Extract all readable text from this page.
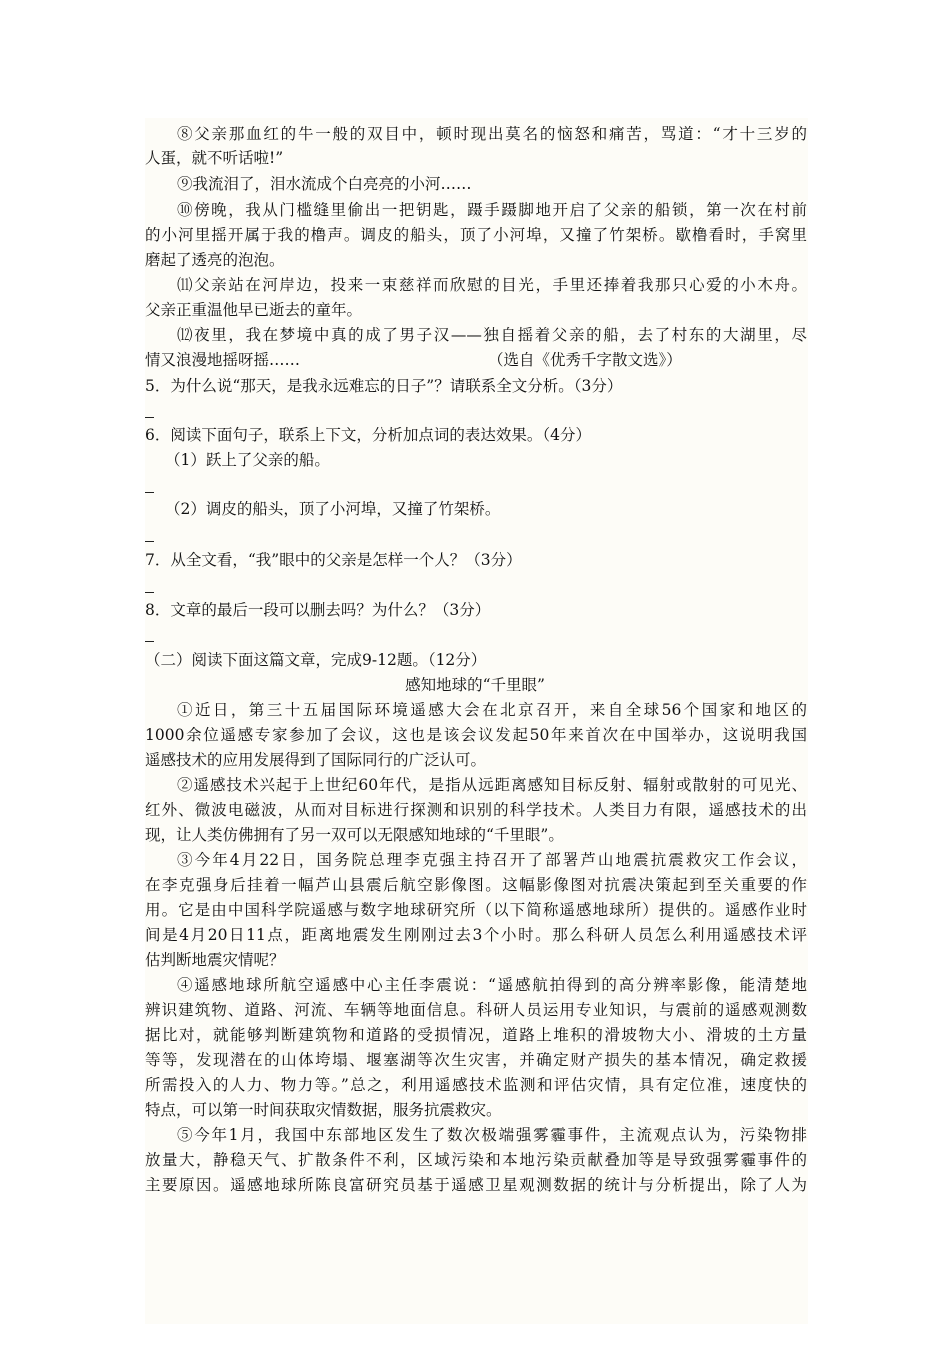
⑧父亲那血红的牛一般的双目中，顿时现出莫名的恼怒和痛苦，骂道：“才十三岁的
人蛋，就不听话啦!”
⑨我流泪了，泪水流成个白亮亮的小河……
⑩傍晚，我从门槛缝里偷出一把钥匙，蹑手蹑脚地开启了父亲的船锁，第一次在村前
的小河里摇开属于我的橹声。调皮的船头，顶了小河埠，又撞了竹架桥。歇橹看时，手窝里
磨起了透亮的泡泡。
⑾父亲站在河岸边，投来一束慈祥而欣慰的目光，手里还捧着我那只心爱的小木舟。
父亲正重温他早已逝去的童年。
⑿夜里，我在梦境中真的成了男子汉——独自摇着父亲的船，去了村东的大湖里，尽
情又浪漫地摇呀摇……	（选自《优秀千字散文选》）
5．为什么说“那天，是我永远难忘的日子”？请联系全文分析。（3分）
6．阅读下面句子，联系上下文，分析加点词的表达效果。（4分）
（1）跃上了父亲的船。
（2）调皮的船头，顶了小河埠，又撞了竹架桥。
7．从全文看，“我”眼中的父亲是怎样一个人？（3分）
8．文章的最后一段可以删去吗？为什么？（3分）
（二）阅读下面这篇文章，完成9-12题。（12分）
感知地球的“千里眼”
①近日，第三十五届国际环境遥感大会在北京召开，来自全球56个国家和地区的
1000余位遥感专家参加了会议，这也是该会议发起50年来首次在中国举办，这说明我国
遥感技术的应用发展得到了国际同行的广泛认可。
②遥感技术兴起于上世纪60年代，是指从远距离感知目标反射、辐射或散射的可见光、
红外、微波电磁波，从而对目标进行探测和识别的科学技术。人类目力有限，遥感技术的出
现，让人类仿佛拥有了另一双可以无限感知地球的“千里眼”。
③今年4月22日，国务院总理李克强主持召开了部署芦山地震抗震救灾工作会议，
在李克强身后挂着一幅芦山县震后航空影像图。这幅影像图对抗震决策起到至关重要的作
用。它是由中国科学院遥感与数字地球研究所（以下简称遥感地球所）提供的。遥感作业时
间是4月20日11点，距离地震发生刚刚过去3个小时。那么科研人员怎么利用遥感技术评
估判断地震灾情呢？
④遥感地球所航空遥感中心主任李震说：“遥感航拍得到的高分辨率影像，能清楚地
辨识建筑物、道路、河流、车辆等地面信息。科研人员运用专业知识，与震前的遥感观测数
据比对，就能够判断建筑物和道路的受损情况，道路上堆积的滑坡物大小、滑坡的土方量
等等，发现潜在的山体垮塌、堰塞湖等次生灾害，并确定财产损失的基本情况，确定救援
所需投入的人力、物力等。”总之，利用遥感技术监测和评估灾情，具有定位准，速度快的
特点，可以第一时间获取灾情数据，服务抗震救灾。
⑤今年1月，我国中东部地区发生了数次极端强雾霾事件，主流观点认为，污染物排
放量大，静稳天气、扩散条件不利，区域污染和本地污染贡献叠加等是导致强雾霾事件的
主要原因。遥感地球所陈良富研究员基于遥感卫星观测数据的统计与分析提出，除了人为
